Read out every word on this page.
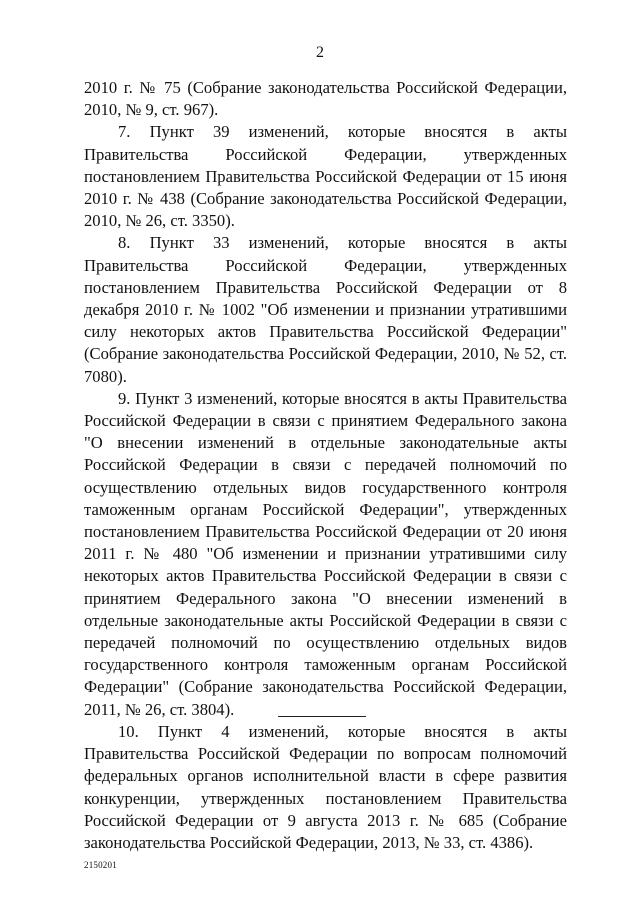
2

2010 г. № 75 (Собрание законодательства Российской Федерации, 2010, № 9, ст. 967).

7. Пункт 39 изменений, которые вносятся в акты Правительства Российской Федерации, утвержденных постановлением Правительства Российской Федерации от 15 июня 2010 г. № 438 (Собрание законодательства Российской Федерации, 2010, № 26, ст. 3350).

8. Пункт 33 изменений, которые вносятся в акты Правительства Российской Федерации, утвержденных постановлением Правительства Российской Федерации от 8 декабря 2010 г. № 1002 "Об изменении и признании утратившими силу некоторых актов Правительства Российской Федерации" (Собрание законодательства Российской Федерации, 2010, № 52, ст. 7080).

9. Пункт 3 изменений, которые вносятся в акты Правительства Российской Федерации в связи с принятием Федерального закона "О внесении изменений в отдельные законодательные акты Российской Федерации в связи с передачей полномочий по осуществлению отдельных видов государственного контроля таможенным органам Российской Федерации", утвержденных постановлением Правительства Российской Федерации от 20 июня 2011 г. № 480 "Об изменении и признании утратившими силу некоторых актов Правительства Российской Федерации в связи с принятием Федерального закона "О внесении изменений в отдельные законодательные акты Российской Федерации в связи с передачей полномочий по осуществлению отдельных видов государственного контроля таможенным органам Российской Федерации" (Собрание законодательства Российской Федерации, 2011, № 26, ст. 3804).

10. Пункт 4 изменений, которые вносятся в акты Правительства Российской Федерации по вопросам полномочий федеральных органов исполнительной власти в сфере развития конкуренции, утвержденных постановлением Правительства Российской Федерации от 9 августа 2013 г. № 685 (Собрание законодательства Российской Федерации, 2013, № 33, ст. 4386).

2150201
